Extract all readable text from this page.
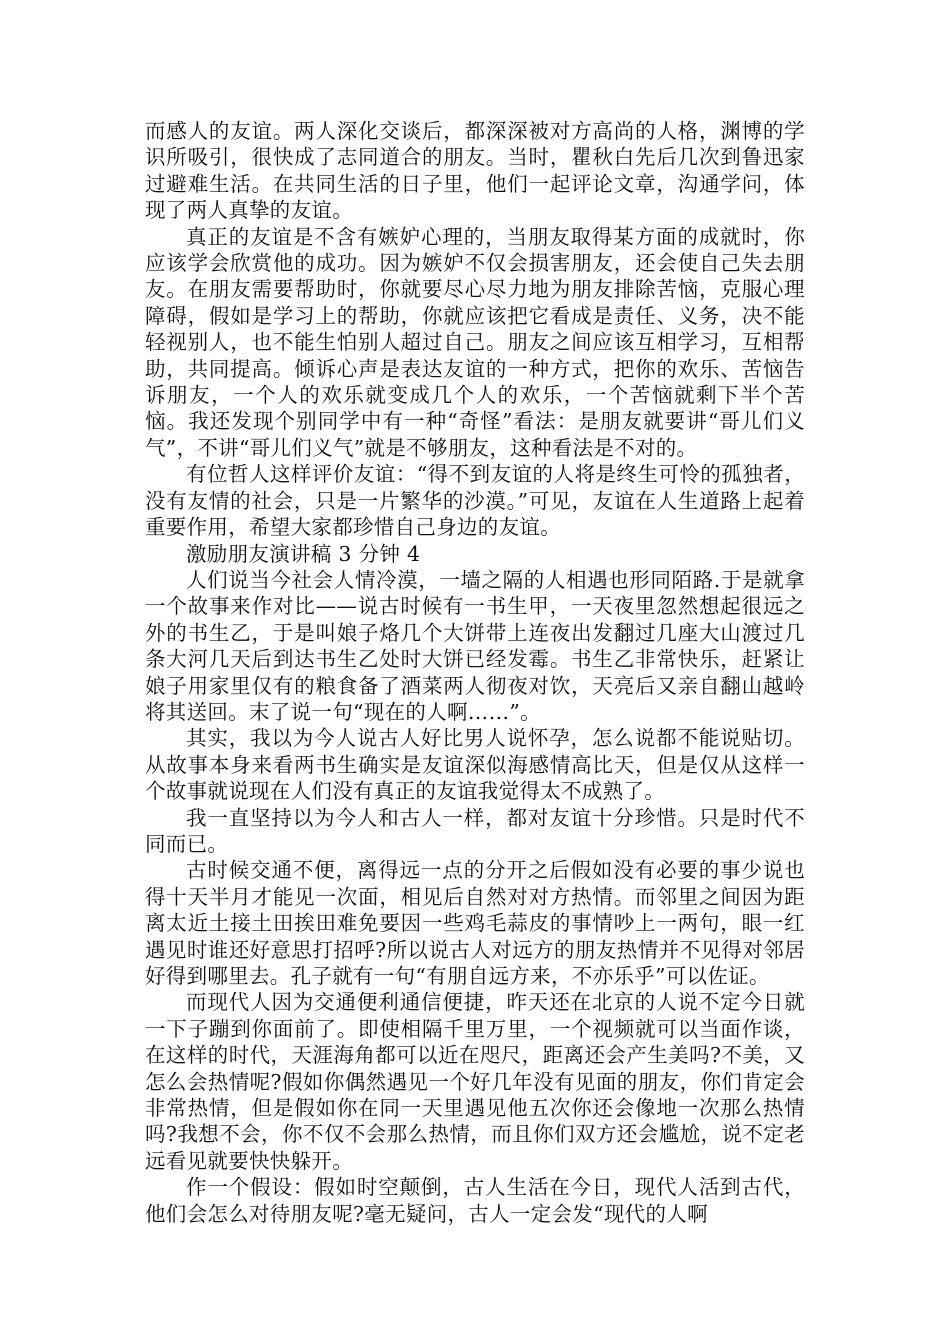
而感人的友谊。两人深化交谈后，都深深被对方高尚的人格，渊博的学识所吸引，很快成了志同道合的朋友。当时，瞿秋白先后几次到鲁迅家过避难生活。在共同生活的日子里，他们一起评论文章，沟通学问，体现了两人真挚的友谊。

真正的友谊是不含有嫉妒心理的，当朋友取得某方面的成就时，你应该学会欣赏他的成功。因为嫉妒不仅会损害朋友，还会使自己失去朋友。在朋友需要帮助时，你就要尽心尽力地为朋友排除苦恼，克服心理障碍，假如是学习上的帮助，你就应该把它看成是责任、义务，决不能轻视别人，也不能生怕别人超过自己。朋友之间应该互相学习，互相帮助，共同提高。倾诉心声是表达友谊的一种方式，把你的欢乐、苦恼告诉朋友，一个人的欢乐就变成几个人的欢乐，一个苦恼就剩下半个苦恼。我还发现个别同学中有一种“奇怪”看法：是朋友就要讲“哥儿们义气”，不讲“哥儿们义气”就是不够朋友，这种看法是不对的。

有位哲人这样评价友谊：“得不到友谊的人将是终生可怜的孤独者，没有友情的社会，只是一片繁华的沙漠。”可见，友谊在人生道路上起着重要作用，希望大家都珍惜自己身边的友谊。

激励朋友演讲稿 3 分钟 4

人们说当今社会人情冷漠，一墙之隔的人相遇也形同陌路.于是就拿一个故事来作对比——说古时候有一书生甲，一天夜里忽然想起很远之外的书生乙，于是叫娘子烙几个大饼带上连夜出发翻过几座大山渡过几条大河几天后到达书生乙处时大饼已经发霉。书生乙非常快乐，赶紧让娘子用家里仅有的粮食备了酒菜两人彻夜对饮，天亮后又亲自翻山越岭将其送回。末了说一句“现在的人啊……”。

其实，我以为今人说古人好比男人说怀孕，怎么说都不能说贴切。从故事本身来看两书生确实是友谊深似海感情高比天，但是仅从这样一个故事就说现在人们没有真正的友谊我觉得太不成熟了。

我一直坚持以为今人和古人一样，都对友谊十分珍惜。只是时代不同而已。

古时候交通不便，离得远一点的分开之后假如没有必要的事少说也得十天半月才能见一次面，相见后自然对对方热情。而邻里之间因为距离太近土接土田挨田难免要因一些鸡毛蒜皮的事情吵上一两句，眼一红遇见时谁还好意思打招呼?所以说古人对远方的朋友热情并不见得对邻居好得到哪里去。孔子就有一句“有朋自远方来，不亦乐乎”可以佐证。

而现代人因为交通便利通信便捷，昨天还在北京的人说不定今日就一下子蹦到你面前了。即使相隔千里万里，一个视频就可以当面作谈，在这样的时代，天涯海角都可以近在咫尺，距离还会产生美吗?不美，又怎么会热情呢?假如你偶然遇见一个好几年没有见面的朋友，你们肯定会非常热情，但是假如你在同一天里遇见他五次你还会像地一次那么热情吗?我想不会，你不仅不会那么热情，而且你们双方还会尴尬，说不定老远看见就要快快躲开。

作一个假设：假如时空颠倒，古人生活在今日，现代人活到古代，他们会怎么对待朋友呢?毫无疑问，古人一定会发“现代的人啊
